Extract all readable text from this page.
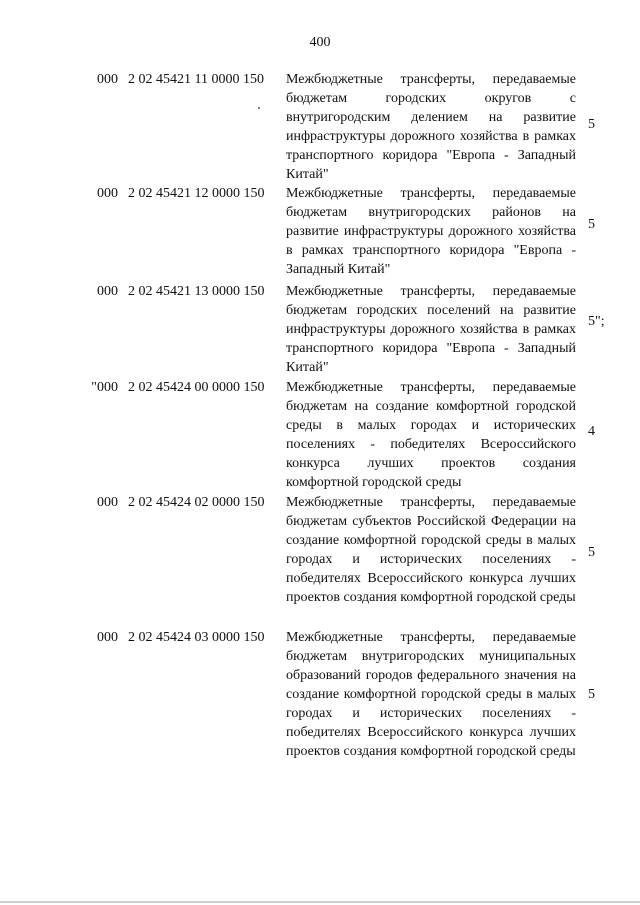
400
000 2 02 45421 11 0000 150 Межбюджетные трансферты, передаваемые бюджетам городских округов с внутригородским делением на развитие инфраструктуры дорожного хозяйства в рамках транспортного коридора "Европа - Западный Китай"
5
000 2 02 45421 12 0000 150 Межбюджетные трансферты, передаваемые бюджетам внутригородских районов на развитие инфраструктуры дорожного хозяйства в рамках транспортного коридора "Европа - Западный Китай"
5
000 2 02 45421 13 0000 150 Межбюджетные трансферты, передаваемые бюджетам городских поселений на развитие инфраструктуры дорожного хозяйства в рамках транспортного коридора "Европа - Западный Китай"
5";
"000 2 02 45424 00 0000 150 Межбюджетные трансферты, передаваемые бюджетам на создание комфортной городской среды в малых городах и исторических поселениях - победителях Всероссийского конкурса лучших проектов создания комфортной городской среды
4
000 2 02 45424 02 0000 150 Межбюджетные трансферты, передаваемые бюджетам субъектов Российской Федерации на создание комфортной городской среды в малых городах и исторических поселениях - победителях Всероссийского конкурса лучших проектов создания комфортной городской среды
5
000 2 02 45424 03 0000 150 Межбюджетные трансферты, передаваемые бюджетам внутригородских муниципальных образований городов федерального значения на создание комфортной городской среды в малых городах и исторических поселениях - победителях Всероссийского конкурса лучших проектов создания комфортной городской среды
5
